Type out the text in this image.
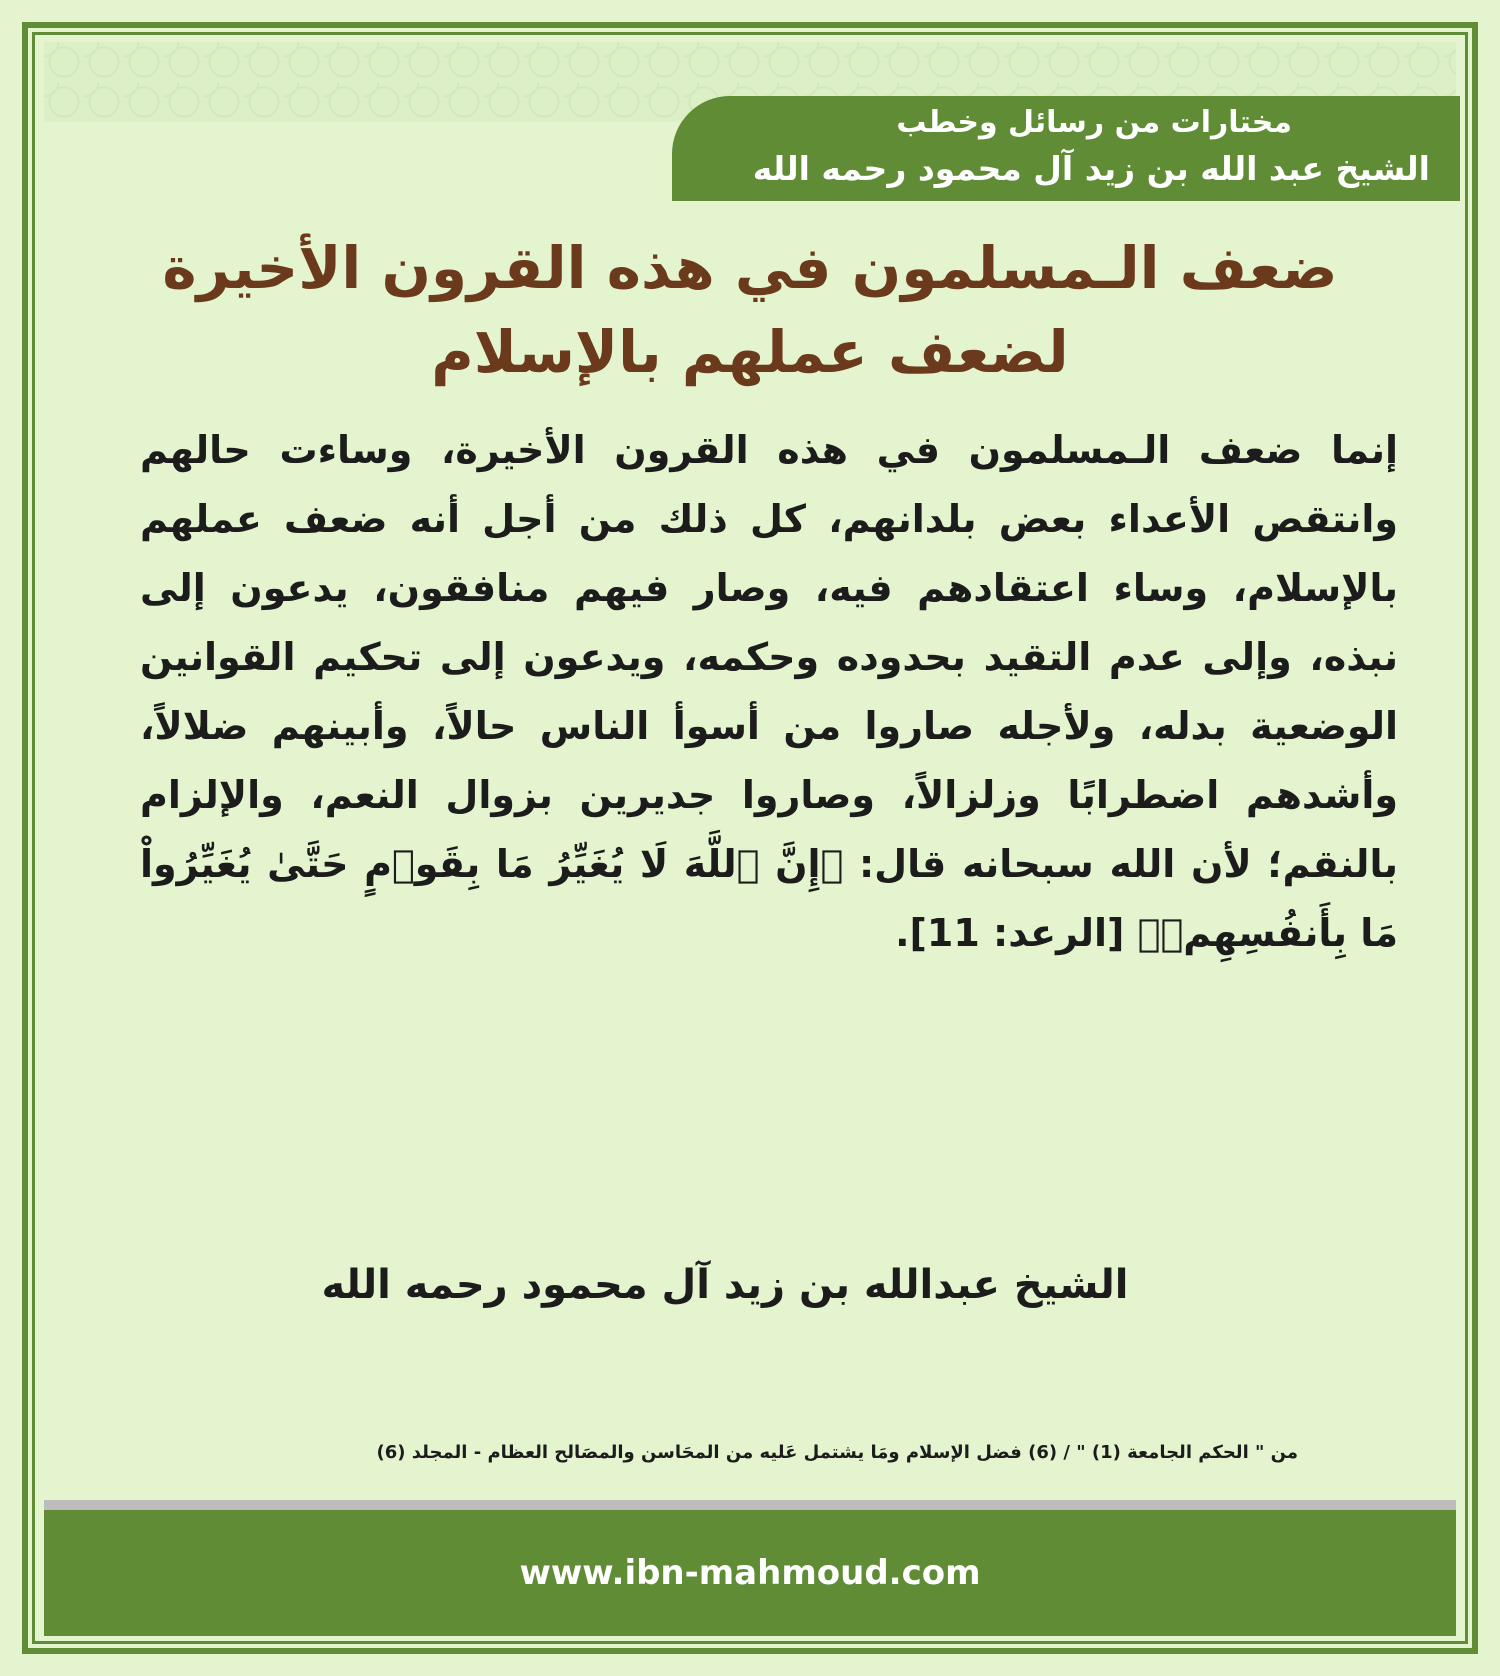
مختارات من رسائل وخطب
الشيخ عبد الله بن زيد آل محمود رحمه الله
ضعف الـمسلمون في هذه القرون الأخيرة
لضعف عملهم بالإسلام
إنما ضعف الـمسلمون في هذه القرون الأخيرة، وساءت حالهم وانتقص الأعداء بعض بلدانهم، كل ذلك من أجل أنه ضعف عملهم بالإسلام، وساء اعتقادهم فيه، وصار فيهم منافقون، يدعون إلى نبذه، وإلى عدم التقيد بحدوده وحكمه، ويدعون إلى تحكيم القوانين الوضعية بدله، ولأجله صاروا من أسوأ الناس حالاً، وأبينهم ضلالاً، وأشدهم اضطرابًا وزلزالاً، وصاروا جديرين بزوال النعم، والإلزام بالنقم؛ لأن الله سبحانه قال: ﴿إِنَّ ٱللَّهَ لَا يُغَيِّرُ مَا بِقَوۡمٍ حَتَّىٰ يُغَيِّرُواْ مَا بِأَنفُسِهِمۡ﴾ [الرعد: 11].
الشيخ عبدالله بن زيد آل محمود رحمه الله
من " الحكم الجامعة (1) " / (6) فضل الإسلام ومَا يشتمل عَليه من المحَاسن والمصَالح العظام - المجلد (6)
www.ibn-mahmoud.com
